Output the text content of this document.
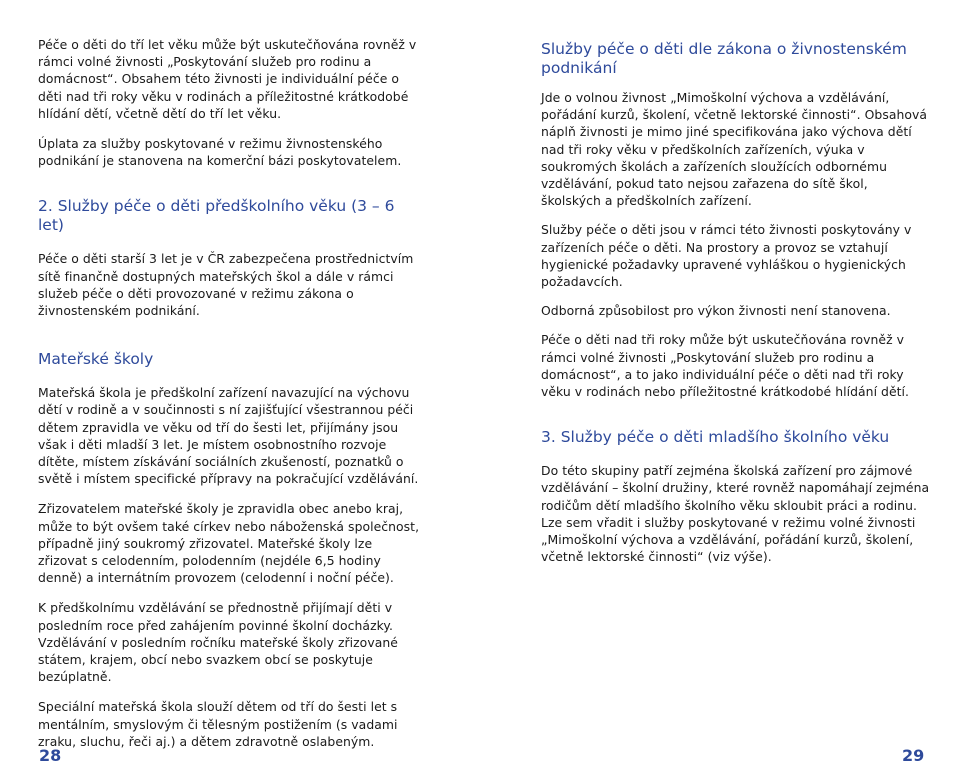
Péče o děti do tří let věku může být uskutečňována rovněž v rámci volné živnosti „Poskytování služeb pro rodinu a domácnost“. Obsahem této živnosti je individuální péče o děti nad tři roky věku v rodinách a příležitostné krátkodobé hlídání dětí, včetně dětí do tří let věku.

Úplata za služby poskytované v režimu živnostenského podnikání je stanovena na komerční bázi poskytovatelem.

2. Služby péče o děti předškolního věku (3 – 6 let)

Péče o děti starší 3 let je v ČR zabezpečena prostřednictvím sítě finančně dostupných mateřských škol a dále v rámci služeb péče o děti provozované v režimu zákona o živnostenském podnikání.

Mateřské školy

Mateřská škola je předškolní zařízení navazující na výchovu dětí v rodině a v součinnosti s ní zajišťující všestrannou péči dětem zpravidla ve věku od tří do šesti let, přijímány jsou však i děti mladší 3 let. Je místem osobnostního rozvoje dítěte, místem získávání sociálních zkušeností, poznatků o světě i místem specifické přípravy na pokračující vzdělávání.

Zřizovatelem mateřské školy je zpravidla obec anebo kraj, může to být ovšem také církev nebo náboženská společnost, případně jiný soukromý zřizovatel. Mateřské školy lze zřizovat s celodenním, polodenním (nejdéle 6,5 hodiny denně) a internátním provozem (celodenní i noční péče).

K předškolnímu vzdělávání se přednostně přijímají děti v posledním roce před zahájením povinné školní docházky. Vzdělávání v posledním ročníku mateřské školy zřizované státem, krajem, obcí nebo svazkem obcí se poskytuje bezúplatně.

Speciální mateřská škola slouží dětem od tří do šesti let s mentálním, smyslovým či tělesným postižením (s vadami zraku, sluchu, řeči aj.) a dětem zdravotně oslabeným.

Služby péče o děti dle zákona o živnostenském podnikání

Jde o volnou živnost „Mimoškolní výchova a vzdělávání, pořádání kurzů, školení, včetně lektorské činnosti“. Obsahová náplň živnosti je mimo jiné specifikována jako výchova dětí nad tři roky věku v předškolních zařízeních, výuka v soukromých školách a zařízeních sloužících odbornému vzdělávání, pokud tato nejsou zařazena do sítě škol, školských a předškolních zařízení.

Služby péče o děti jsou v rámci této živnosti poskytovány v zařízeních péče o děti. Na prostory a provoz se vztahují hygienické požadavky upravené vyhláškou o hygienických požadavcích.

Odborná způsobilost pro výkon živnosti není stanovena.

Péče o děti nad tři roky může být uskutečňována rovněž v rámci volné živnosti „Poskytování služeb pro rodinu a domácnost“, a to jako individuální péče o děti nad tři roky věku v rodinách nebo příležitostné krátkodobé hlídání dětí.

3. Služby péče o děti mladšího školního věku

Do této skupiny patří zejména školská zařízení pro zájmové vzdělávání – školní družiny, které rovněž napomáhají zejména rodičům dětí mladšího školního věku skloubit práci a rodinu. Lze sem vřadit i služby poskytované v režimu volné živnosti „Mimoškolní výchova a vzdělávání, pořádání kurzů, školení, včetně lektorské činnosti“ (viz výše).

28	29
